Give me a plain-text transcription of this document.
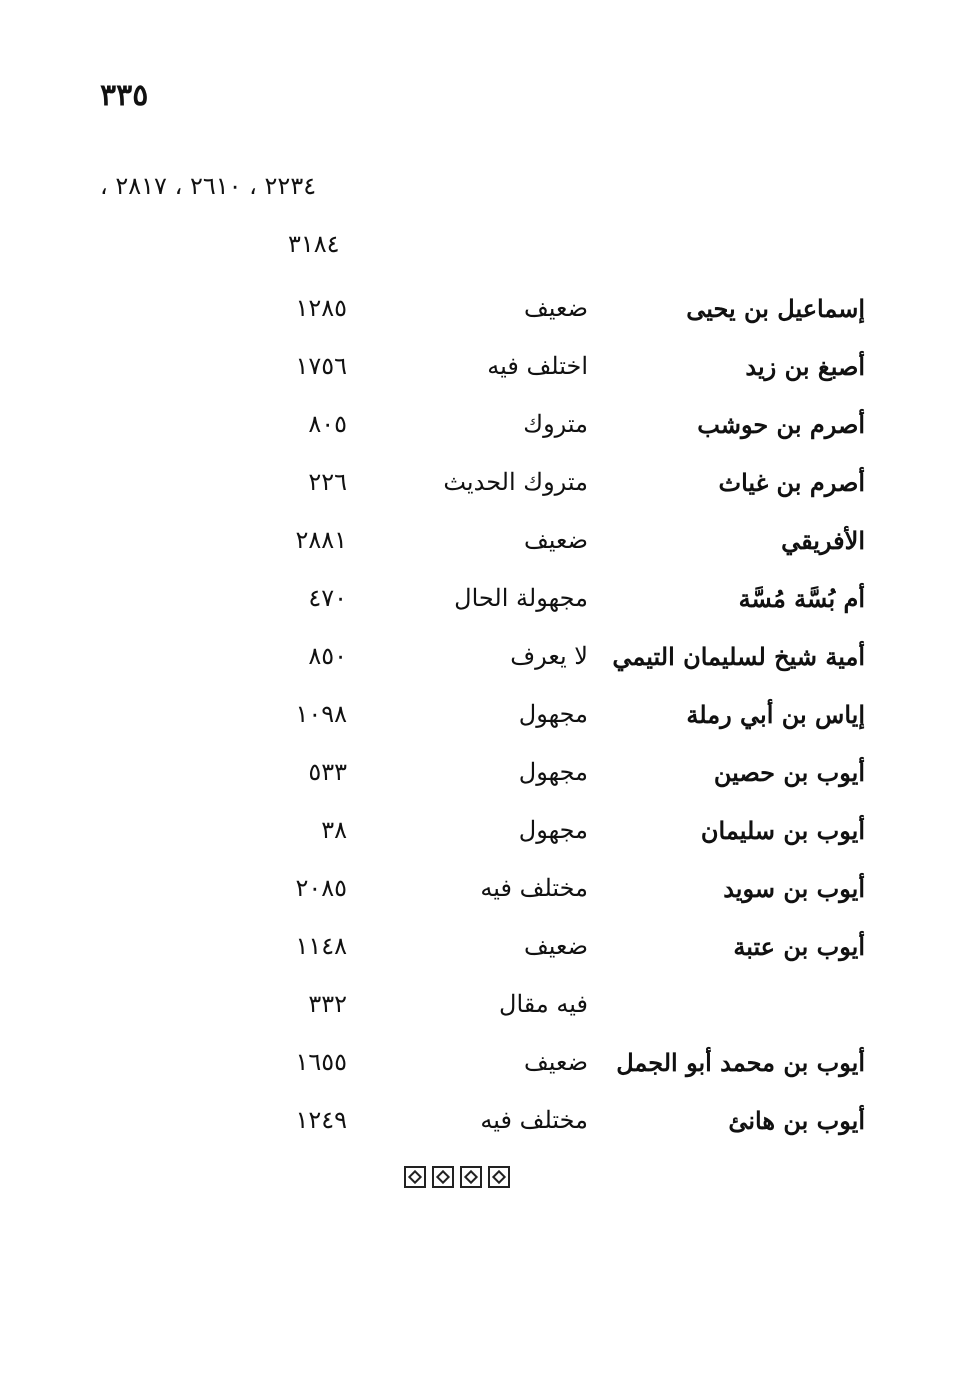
٣٣٥
٢٢٣٤ ، ٢٦١٠ ، ٢٨١٧ ،
٣١٨٤
إسماعيل بن يحيى
ضعيف
١٢٨٥
أصبغ بن زيد
اختلف فيه
١٧٥٦
أصرم بن حوشب
متروك
٨٠٥
أصرم بن غياث
متروك الحديث
٢٢٦
الأفريقي
ضعيف
٢٨٨١
أم بُسَّة مُسَّة
مجهولة الحال
٤٧٠
أمية شيخ لسليمان التيمي
لا يعرف
٨٥٠
إياس بن أبي رملة
مجهول
١٠٩٨
أيوب بن حصين
مجهول
٥٣٣
أيوب بن سليمان
مجهول
٣٨
أيوب بن سويد
مختلف فيه
٢٠٨٥
أيوب بن عتبة
ضعيف
١١٤٨
فيه مقال
٣٣٢
أيوب بن محمد أبو الجمل
ضعيف
١٦٥٥
أيوب بن هانئ
مختلف فيه
١٢٤٩
